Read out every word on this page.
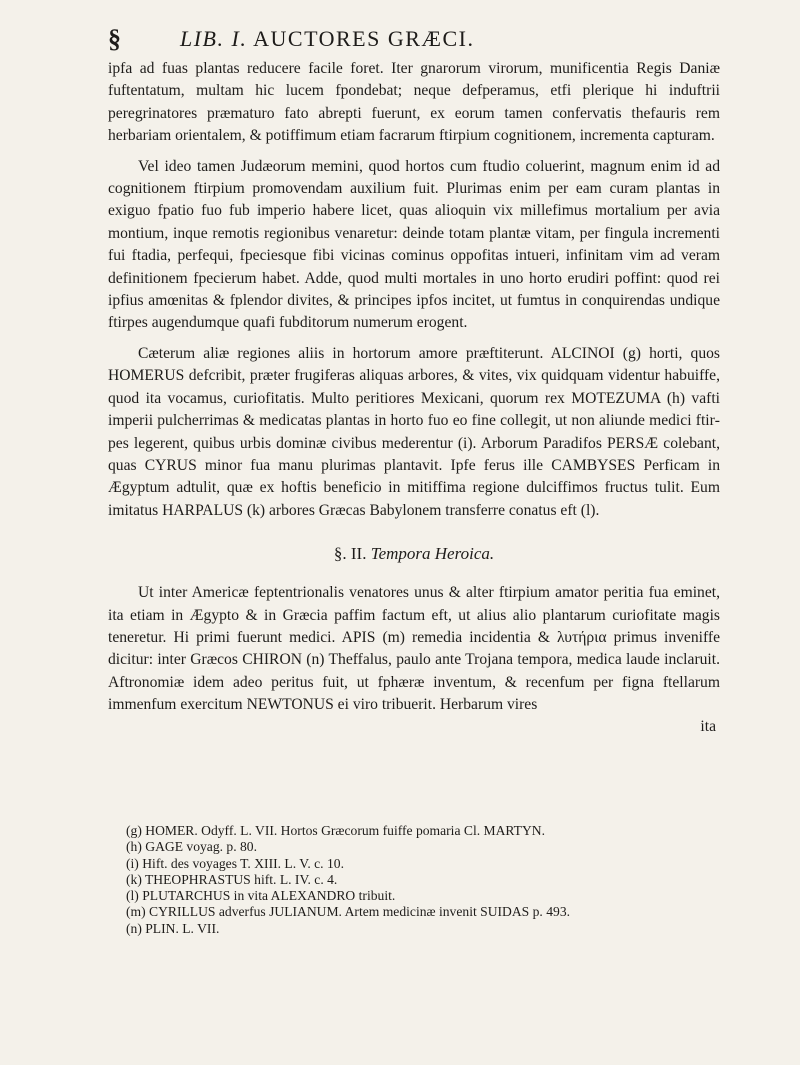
§	LIB. I. AUCTORES GRÆCI.

ipfa ad fuas plantas reducere facile foret. Iter gnarorum virorum, munificentia Regis Daniæ fuftentatum, multam hic lucem fpondebat; neque defperamus, etfi plerique hi induftrii peregrinatores præmaturo fato abrepti fuerunt, ex eorum tamen confervatis thefauris rem herbariam orientalem, & potiffimum etiam facrarum ftirpium cognitionem, incrementa capturam.

Vel ideo tamen Judæorum memini, quod hortos cum ftudio coluerint, magnum enim id ad cognitionem ftirpium promovendam auxilium fuit. Plurimas enim per eam curam plantas in exiguo fpatio fuo fub imperio habere licet, quas alioquin vix millefimus mortalium per avia montium, inque remotis regionibus venaretur: deinde totam plantæ vitam, per fingula incrementi fui ftadia, perfequi, fpeciesque fibi vicinas cominus oppofitas intueri, infinitam vim ad veram definitionem fpecierum habet. Adde, quod multi mortales in uno horto erudiri poffint: quod rei ipfius amœnitas & fplendor divites, & principes ipfos incitet, ut fumtus in conquirendas undique ftirpes augendumque quafi fubditorum numerum erogent.

Cæterum aliæ regiones aliis in hortorum amore præftiterunt. ALCINOI (g) horti, quos HOMERUS defcribit, præter frugiferas aliquas arbores, & vites, vix quidquam videntur habuiffe, quod ita vocamus, curiofitatis. Multo peritiores Mexicani, quorum rex MOTEZUMA (h) vafti imperii pulcherrimas & medicatas plantas in horto fuo eo fine collegit, ut non aliunde medici ftirpes legerent, quibus urbis dominæ civibus mederentur (i). Arborum Paradifos PERSÆ colebant, quas CYRUS minor fua manu plurimas plantavit. Ipfe ferus ille CAMBYSES Perficam in Ægyptum adtulit, quæ ex hoftis beneficio in mitiffima regione dulciffimos fructus tulit. Eum imitatus HARPALUS (k) arbores Græcas Babylonem transferre conatus eft (l).

§. II. Tempora Heroica.

Ut inter Americæ feptentrionalis venatores unus & alter ftirpium amator peritia fua eminet, ita etiam in Ægypto & in Græcia paffim factum eft, ut alius alio plantarum curiofitate magis teneretur. Hi primi fuerunt medici. APIS (m) remedia incidentia & λυτήρια primus inveniffe dicitur: inter Græcos CHIRON (n) Theffalus, paulo ante Trojana tempora, medica laude inclaruit. Aftronomiæ idem adeo peritus fuit, ut fphæræ inventum, & recenfum per figna ftellarum immenfum exercitum NEWTONUS ei viro tribuerit. Herbarum vires

ita
(g) HOMER. Odyff. L. VII. Hortos Græcorum fuiffe pomaria Cl. MARTYN.
(h) GAGE voyag. p. 80.
(i) Hift. des voyages T. XIII. L. V. c. 10.
(k) THEOPHRASTUS hift. L. IV. c. 4.
(l) PLUTARCHUS in vita ALEXANDRO tribuit.
(m) CYRILLUS adverfus JULIANUM. Artem medicinæ invenit SUIDAS p. 493.
(n) PLIN. L. VII.
